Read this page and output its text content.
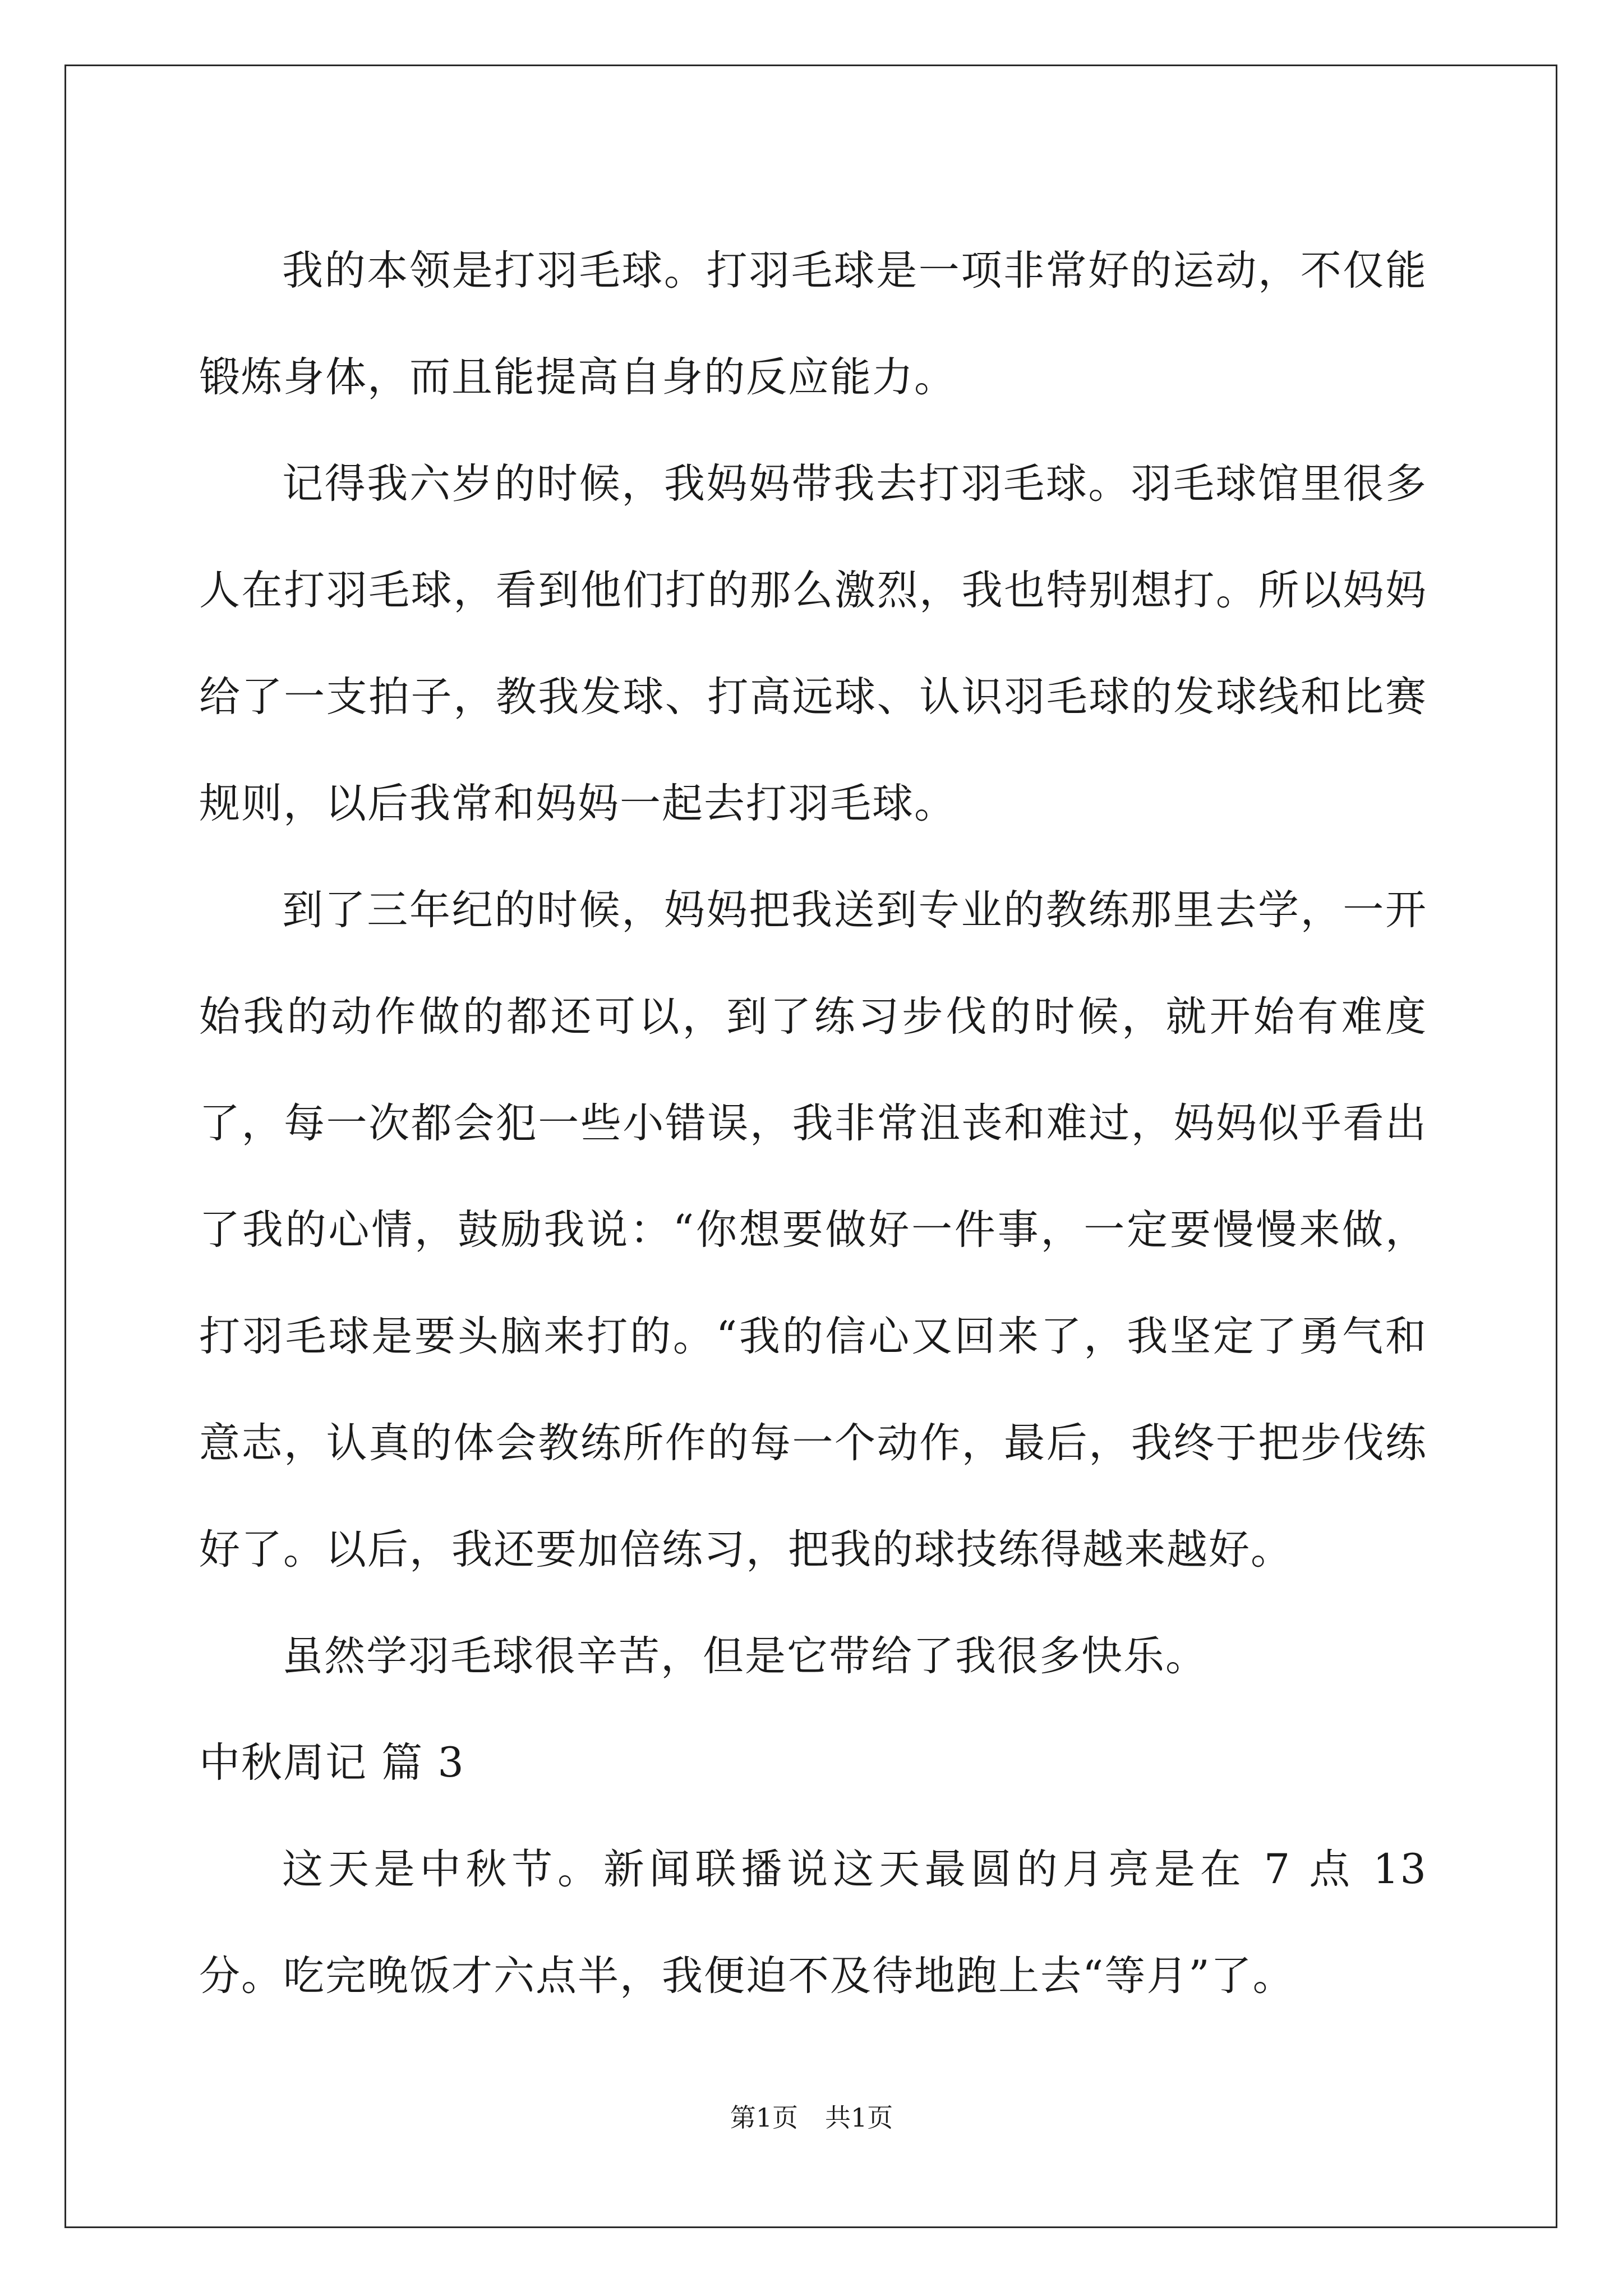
我的本领是打羽毛球。打羽毛球是一项非常好的运动，不仅能锻炼身体，而且能提高自身的反应能力。

记得我六岁的时候，我妈妈带我去打羽毛球。羽毛球馆里很多人在打羽毛球，看到他们打的那么激烈，我也特别想打。所以妈妈给了一支拍子，教我发球、打高远球、认识羽毛球的发球线和比赛规则，以后我常和妈妈一起去打羽毛球。

到了三年纪的时候，妈妈把我送到专业的教练那里去学，一开始我的动作做的都还可以，到了练习步伐的时候，就开始有难度了，每一次都会犯一些小错误，我非常沮丧和难过，妈妈似乎看出了我的心情，鼓励我说：“你想要做好一件事，一定要慢慢来做，打羽毛球是要头脑来打的。“我的信心又回来了，我坚定了勇气和意志，认真的体会教练所作的每一个动作，最后，我终于把步伐练好了。以后，我还要加倍练习，把我的球技练得越来越好。

虽然学羽毛球很辛苦，但是它带给了我很多快乐。

中秋周记 篇 3

这天是中秋节。新闻联播说这天最圆的月亮是在 7 点 13 分。吃完晚饭才六点半，我便迫不及待地跑上去“等月”了。

第1页 共1页
